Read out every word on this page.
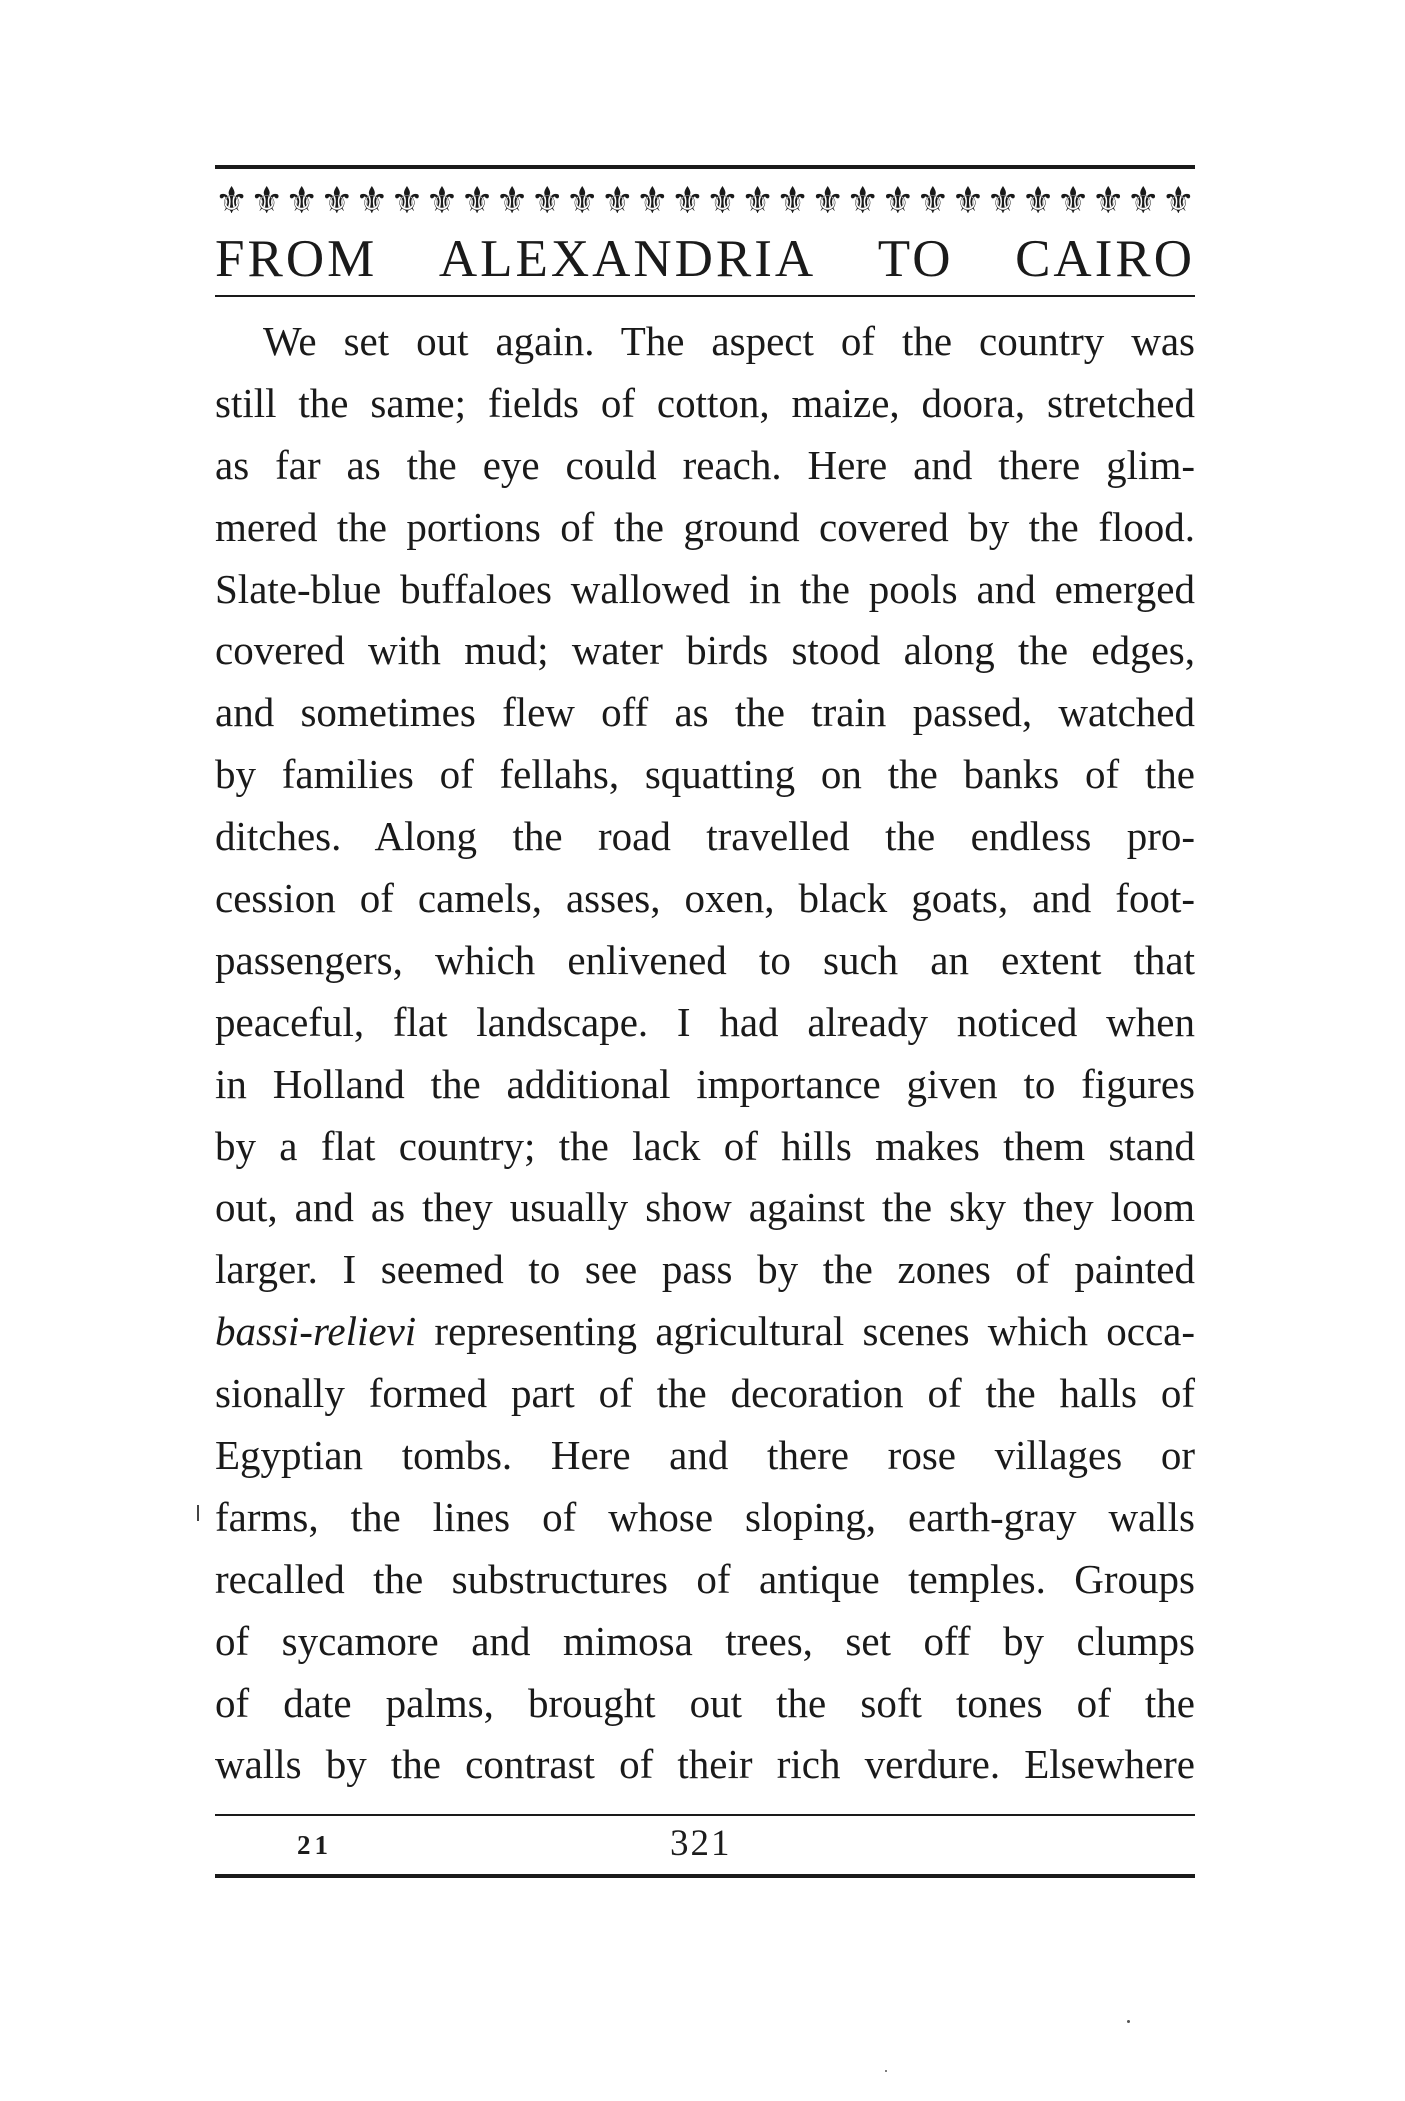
⚜ ⚜ ⚜ ⚜ ⚜ ⚜ ⚜ ⚜ ⚜ ⚜ ⚜ ⚜ ⚜ ⚜ ⚜ ⚜ ⚜ ⚜ ⚜ ⚜ ⚜ ⚜ ⚜ ⚜ ⚜ ⚜ ⚜ ⚜
FROM ALEXANDRIA TO CAIRO
We set out again. The aspect of the country was
still the same; fields of cotton, maize, doora, stretched
as far as the eye could reach. Here and there glim-
mered the portions of the ground covered by the flood.
Slate-blue buffaloes wallowed in the pools and emerged
covered with mud; water birds stood along the edges,
and sometimes flew off as the train passed, watched
by families of fellahs, squatting on the banks of the
ditches. Along the road travelled the endless pro-
cession of camels, asses, oxen, black goats, and foot-
passengers, which enlivened to such an extent that
peaceful, flat landscape. I had already noticed when
in Holland the additional importance given to figures
by a flat country; the lack of hills makes them stand
out, and as they usually show against the sky they loom
larger. I seemed to see pass by the zones of painted
bassi-relievi representing agricultural scenes which occa-
sionally formed part of the decoration of the halls of
Egyptian tombs. Here and there rose villages or
farms, the lines of whose sloping, earth-gray walls
recalled the substructures of antique temples. Groups
of sycamore and mimosa trees, set off by clumps
of date palms, brought out the soft tones of the
walls by the contrast of their rich verdure. Elsewhere
21	321
